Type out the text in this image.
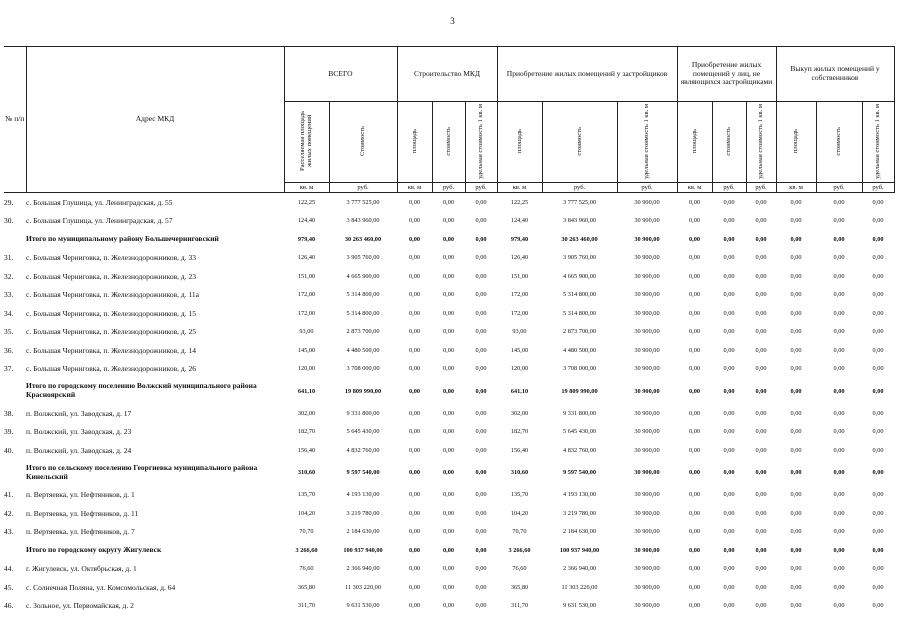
3
№ п/п	Адрес МКД	ВСЕГО		Строительство МКД			Приобретение жилых помещений у застройщиков			Приобретение жилых помещений у лиц, не являющихся застройщиками			Выкуп жилых помещений у собственников		
		Расселяемая площадь жилых помещений	Стоимость	площадь	стоимость	удельная стоимость 1 кв. м	площадь	стоимость	удельная стоимость 1 кв. м	площадь	стоимость	удельная стоимость 1 кв. м	площадь	стоимость	удельная стоимость 1 кв. м
		кв. м	руб.	кв. м	руб.	руб.	кв. м	руб.	руб.	кв. м	руб.	руб.	кв. м	руб.	руб.
29.	с. Большая Глушица, ул. Ленинградская, д. 55	122,25	3 777 525,00	0,00	0,00	0,00	122,25	3 777 525,00	30 900,00	0,00	0,00	0,00	0,00	0,00	0,00
30.	с. Большая Глушица, ул. Ленинградская, д. 57	124,40	3 843 960,00	0,00	0,00	0,00	124,40	3 843 960,00	30 900,00	0,00	0,00	0,00	0,00	0,00	0,00
	Итого по муниципальному району Большечерниговский	979,40	30 263 460,00	0,00	0,00	0,00	979,40	30 263 460,00	30 900,00	0,00	0,00	0,00	0,00	0,00	0,00
31.	с. Большая Черниговка, п. Железнодорожников, д. 33	126,40	3 905 760,00	0,00	0,00	0,00	126,40	3 905 760,00	30 900,00	0,00	0,00	0,00	0,00	0,00	0,00
32.	с. Большая Черниговка, п. Железнодорожников, д. 23	151,00	4 665 900,00	0,00	0,00	0,00	151,00	4 665 900,00	30 900,00	0,00	0,00	0,00	0,00	0,00	0,00
33.	с. Большая Черниговка, п. Железнодорожников, д. 11а	172,00	5 314 800,00	0,00	0,00	0,00	172,00	5 314 800,00	30 900,00	0,00	0,00	0,00	0,00	0,00	0,00
34.	с. Большая Черниговка, п. Железнодорожников, д. 15	172,00	5 314 800,00	0,00	0,00	0,00	172,00	5 314 800,00	30 900,00	0,00	0,00	0,00	0,00	0,00	0,00
35.	с. Большая Черниговка, п. Железнодорожников, д. 25	93,00	2 873 700,00	0,00	0,00	0,00	93,00	2 873 700,00	30 900,00	0,00	0,00	0,00	0,00	0,00	0,00
36.	с. Большая Черниговка, п. Железнодорожников, д. 14	145,00	4 480 500,00	0,00	0,00	0,00	145,00	4 480 500,00	30 900,00	0,00	0,00	0,00	0,00	0,00	0,00
37.	с. Большая Черниговка, п. Железнодорожников, д. 26	120,00	3 708 000,00	0,00	0,00	0,00	120,00	3 708 000,00	30 900,00	0,00	0,00	0,00	0,00	0,00	0,00
	Итого по городскому поселению Волжский муниципального района Красноярский	641,10	19 809 990,00	0,00	0,00	0,00	641,10	19 809 990,00	30 900,00	0,00	0,00	0,00	0,00	0,00	0,00
38.	п. Волжский, ул. Заводская, д. 17	302,00	9 331 800,00	0,00	0,00	0,00	302,00	9 331 800,00	30 900,00	0,00	0,00	0,00	0,00	0,00	0,00
39.	п. Волжский, ул. Заводская, д. 23	182,70	5 645 430,00	0,00	0,00	0,00	182,70	5 645 430,00	30 900,00	0,00	0,00	0,00	0,00	0,00	0,00
40.	п. Волжский, ул. Заводская, д. 24	156,40	4 832 760,00	0,00	0,00	0,00	156,40	4 832 760,00	30 900,00	0,00	0,00	0,00	0,00	0,00	0,00
	Итого по сельскому поселению Георгиевка муниципального района Кинельский	310,60	9 597 540,00	0,00	0,00	0,00	310,60	9 597 540,00	30 900,00	0,00	0,00	0,00	0,00	0,00	0,00
41.	п. Вертяевка, ул. Нефтяников, д. 1	135,70	4 193 130,00	0,00	0,00	0,00	135,70	4 193 130,00	30 900,00	0,00	0,00	0,00	0,00	0,00	0,00
42.	п. Вертяевка, ул. Нефтяников, д. 11	104,20	3 219 780,00	0,00	0,00	0,00	104,20	3 219 780,00	30 900,00	0,00	0,00	0,00	0,00	0,00	0,00
43.	п. Вертяевка, ул. Нефтяников, д. 7	70,70	2 184 630,00	0,00	0,00	0,00	70,70	2 184 630,00	30 900,00	0,00	0,00	0,00	0,00	0,00	0,00
	Итого по городскому округу Жигулевск	3 266,60	100 937 940,00	0,00	0,00	0,00	3 266,60	100 937 940,00	30 900,00	0,00	0,00	0,00	0,00	0,00	0,00
44.	г. Жигулевск, ул. Октябрьская, д. 1	76,60	2 366 940,00	0,00	0,00	0,00	76,60	2 366 940,00	30 900,00	0,00	0,00	0,00	0,00	0,00	0,00
45.	с. Солнечная Поляна, ул. Комсомольская, д. 64	365,80	11 303 220,00	0,00	0,00	0,00	365,80	11 303 220,00	30 900,00	0,00	0,00	0,00	0,00	0,00	0,00
46.	с. Зольное, ул. Первомайская, д. 2	311,70	9 631 530,00	0,00	0,00	0,00	311,70	9 631 530,00	30 900,00	0,00	0,00	0,00	0,00	0,00	0,00
